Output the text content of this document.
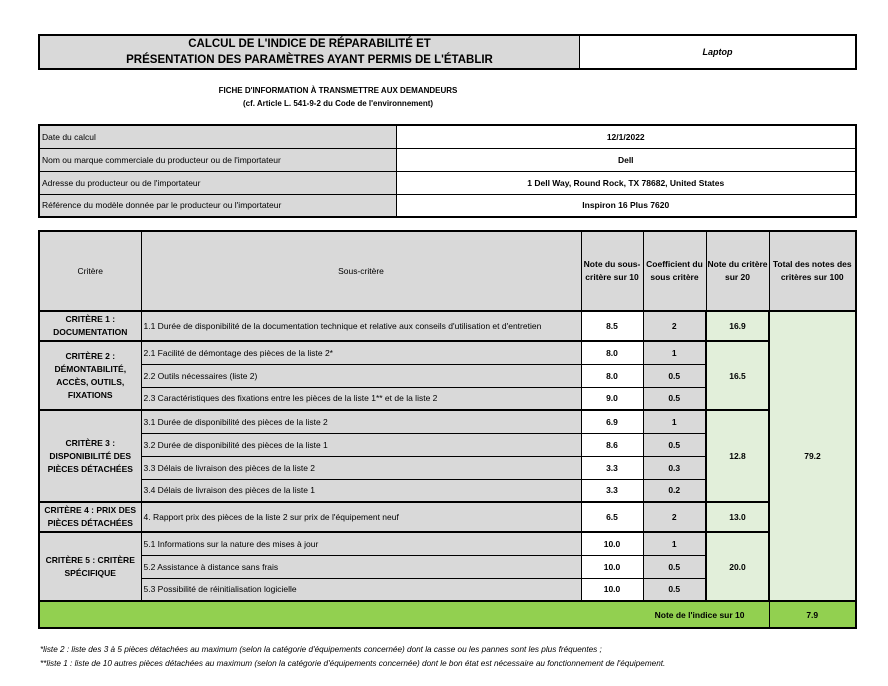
CALCUL DE L'INDICE DE RÉPARABILITÉ ET
PRÉSENTATION DES PARAMÈTRES AYANT PERMIS DE L'ÉTABLIR
Laptop
FICHE D'INFORMATION À TRANSMETTRE AUX DEMANDEURS
(cf. Article L. 541-9-2 du Code de l'environnement)
Date du calcul	12/1/2022
Nom ou marque commerciale du producteur ou de l'importateur	Dell
Adresse du producteur ou de l'importateur	1 Dell Way, Round Rock, TX 78682, United States
Référence du modèle donnée par le producteur ou l'importateur	Inspiron 16 Plus 7620
Critère	Sous-critère	Note du sous-critère sur 10	Coefficient du sous critère	Note du critère sur 20	Total des notes des critères sur 100
CRITÈRE 1 : DOCUMENTATION	1.1 Durée de disponibilité de la documentation technique et relative aux conseils d'utilisation et d'entretien	8.5	2	16.9	79.2
CRITÈRE 2 : DÉMONTABILITÉ, ACCÈS, OUTILS, FIXATIONS	2.1 Facilité de démontage des pièces de la liste 2*	8.0	1	16.5	
	2.2 Outils nécessaires (liste 2)	8.0	0.5		
	2.3 Caractéristiques des fixations entre les pièces de la liste 1** et de la liste 2	9.0	0.5		
CRITÈRE 3 : DISPONIBILITÉ DES PIÈCES DÉTACHÉES	3.1 Durée de disponibilité des pièces de la liste 2	6.9	1	12.8	
	3.2 Durée de disponibilité des pièces de la liste 1	8.6	0.5		
	3.3 Délais de livraison des pièces de la liste 2	3.3	0.3		
	3.4 Délais de livraison des pièces de la liste 1	3.3	0.2		
CRITÈRE 4 : PRIX DES PIÈCES DÉTACHÉES	4. Rapport prix des pièces de la liste 2 sur prix de l'équipement neuf	6.5	2	13.0	
CRITÈRE 5 : CRITÈRE SPÉCIFIQUE	5.1 Informations sur la nature des mises à jour	10.0	1	20.0	
	5.2 Assistance à distance sans frais	10.0	0.5		
	5.3 Possibilité de réinitialisation logicielle	10.0	0.5		
Note de l'indice sur 10					7.9
*liste 2 : liste des 3 à 5 pièces détachées au maximum (selon la catégorie d'équipements concernée) dont la casse ou les pannes sont les plus fréquentes ;
**liste 1 : liste de 10 autres pièces détachées au maximum (selon la catégorie d'équipements concernée) dont le bon état est nécessaire au fonctionnement de l'équipement.
